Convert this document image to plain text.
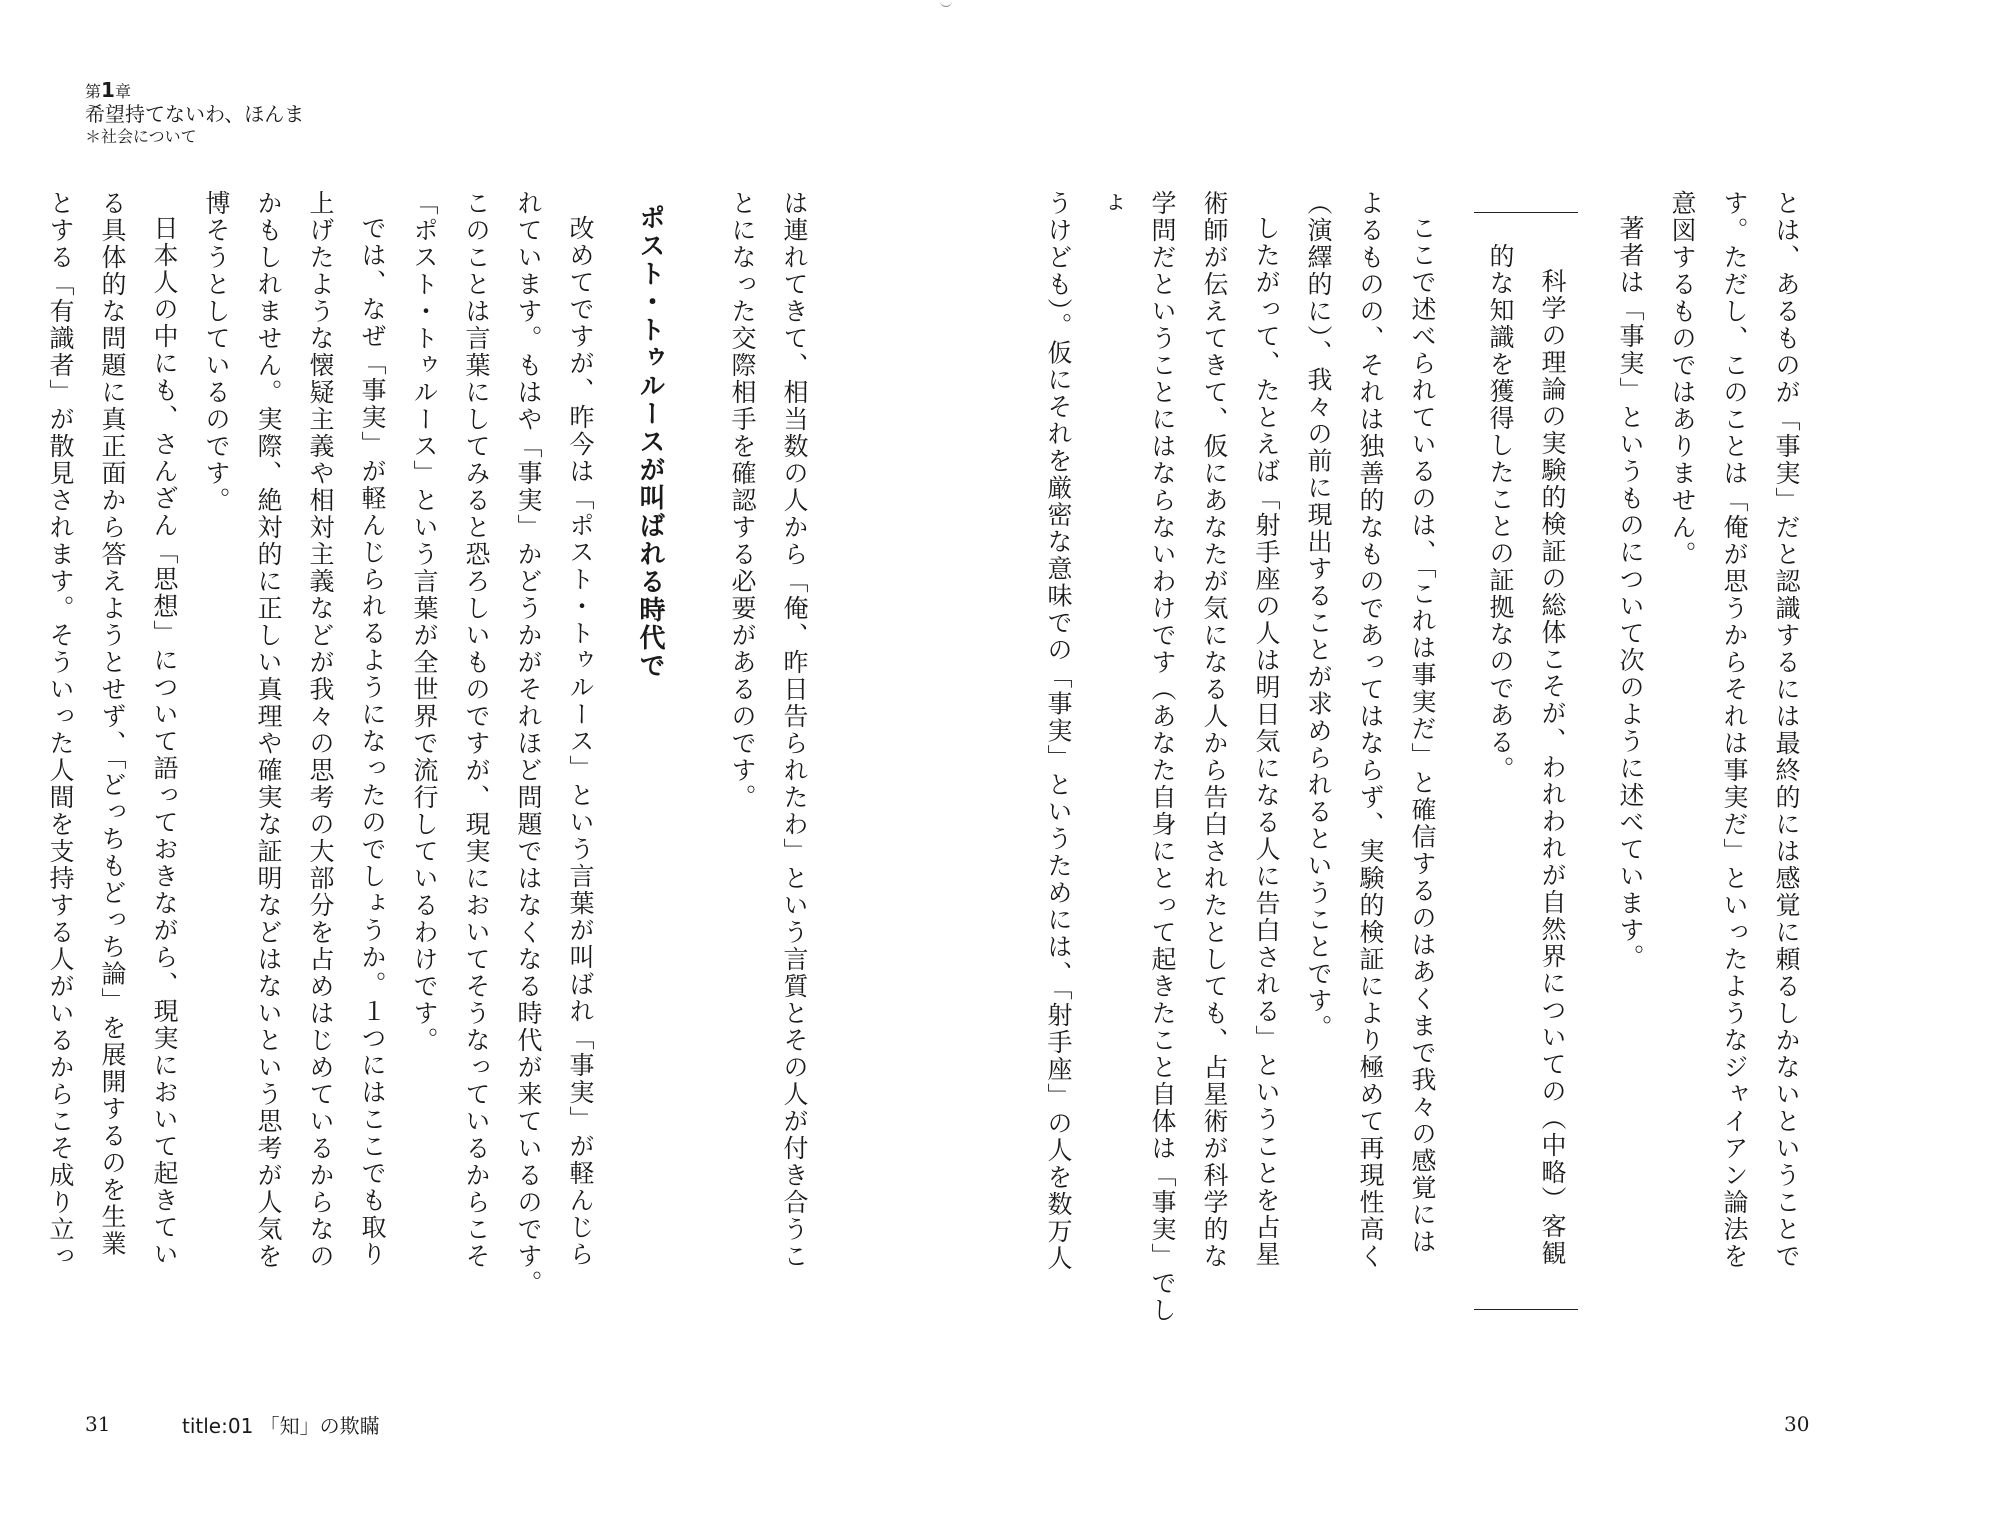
第1章
希望持てないわ、ほんま
＊社会について
とは、あるものが「事実」だと認識するには最終的には感覚に頼るしかないということで
す。ただし、このことは「俺が思うからそれは事実だ」といったようなジャイアン論法を
意図するものではありません。
著者は「事実」というものについて次のように述べています。
科学の理論の実験的検証の総体こそが、われわれが自然界についての（中略）客観
的な知識を獲得したことの証拠なのである。
ここで述べられているのは、「これは事実だ」と確信するのはあくまで我々の感覚には
よるものの、それは独善的なものであってはならず、実験的検証により極めて再現性高く
（演繹的に）、我々の前に現出することが求められるということです。
したがって、たとえば「射手座の人は明日気になる人に告白される」ということを占星
術師が伝えてきて、仮にあなたが気になる人から告白されたとしても、占星術が科学的な
学問だということにはならないわけです（あなた自身にとって起きたこと自体は「事実」でしょ
うけども）。仮にそれを厳密な意味での「事実」というためには、「射手座」の人を数万人
30
は連れてきて、相当数の人から「俺、昨日告られたわ」という言質とその人が付き合うこ
とになった交際相手を確認する必要があるのです。
ポスト・トゥルースが叫ばれる時代で
改めてですが、昨今は「ポスト・トゥルース」という言葉が叫ばれ「事実」が軽んじら
れています。もはや「事実」かどうかがそれほど問題ではなくなる時代が来ているのです。
このことは言葉にしてみると恐ろしいものですが、現実においてそうなっているからこそ
「ポスト・トゥルース」という言葉が全世界で流行しているわけです。
では、なぜ「事実」が軽んじられるようになったのでしょうか。１つにはここでも取り
上げたような懐疑主義や相対主義などが我々の思考の大部分を占めはじめているからなの
かもしれません。実際、絶対的に正しい真理や確実な証明などはないという思考が人気を
博そうとしているのです。
日本人の中にも、さんざん「思想」について語っておきながら、現実において起きてい
る具体的な問題に真正面から答えようとせず、「どっちもどっち論」を展開するのを生業
とする「有識者」が散見されます。そういった人間を支持する人がいるからこそ成り立っ
31	title:01 「知」の欺瞞
